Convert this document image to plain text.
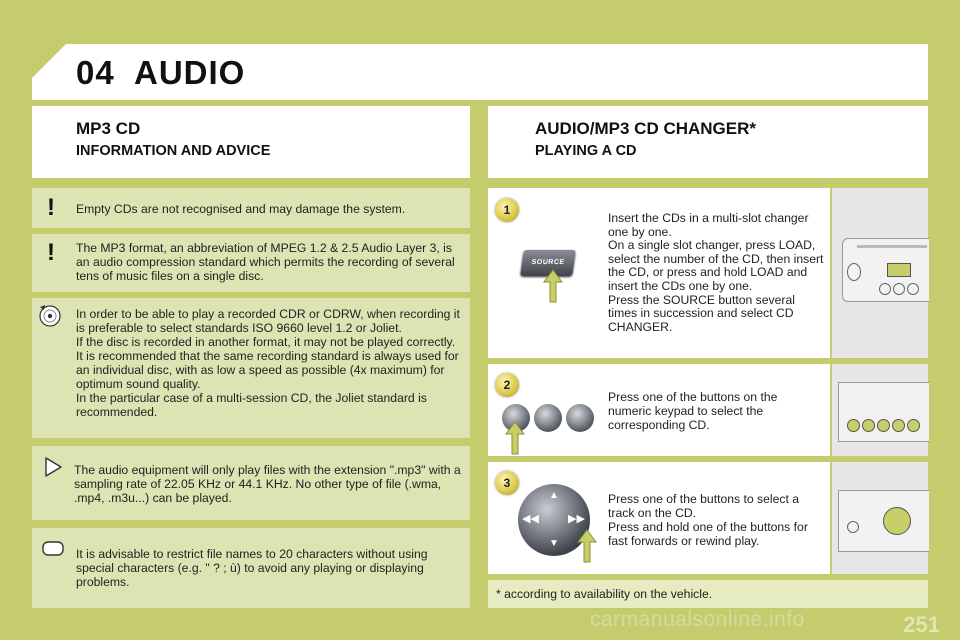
04 AUDIO
MP3 CD
INFORMATION AND ADVICE
AUDIO/MP3 CD CHANGER*
PLAYING A CD
!	Empty CDs are not recognised and may damage the system.
!	The MP3 format, an abbreviation of MPEG 1.2 & 2.5 Audio Layer 3, is an audio compression standard which permits the recording of several tens of music files on a single disc.
In order to be able to play a recorded CDR or CDRW, when recording it is preferable to select standards ISO 9660 level 1.2 or Joliet.
If the disc is recorded in another format, it may not be played correctly.
It is recommended that the same recording standard is always used for an individual disc, with as low a speed as possible (4x maximum) for optimum sound quality.
In the particular case of a multi-session CD, the Joliet standard is recommended.
The audio equipment will only play files with the extension ".mp3" with a sampling rate of 22.05 KHz or 44.1 KHz. No other type of file (.wma, .mp4, .m3u...) can be played.
It is advisable to restrict file names to 20 characters without using special characters (e.g. " ? ; ù) to avoid any playing or displaying problems.
1
SOURCE
Insert the CDs in a multi-slot changer one by one.
On a single slot changer, press LOAD, select the number of the CD, then insert the CD, or press and hold LOAD and insert the CDs one by one.
Press the SOURCE button several times in succession and select CD CHANGER.
2
Press one of the buttons on the numeric keypad to select the corresponding CD.
3
▲
▼
◀◀	▶▶
Press one of the buttons to select a track on the CD.
Press and hold one of the buttons for fast forwards or rewind play.
* according to availability on the vehicle.
251
carmanualsonline.info
